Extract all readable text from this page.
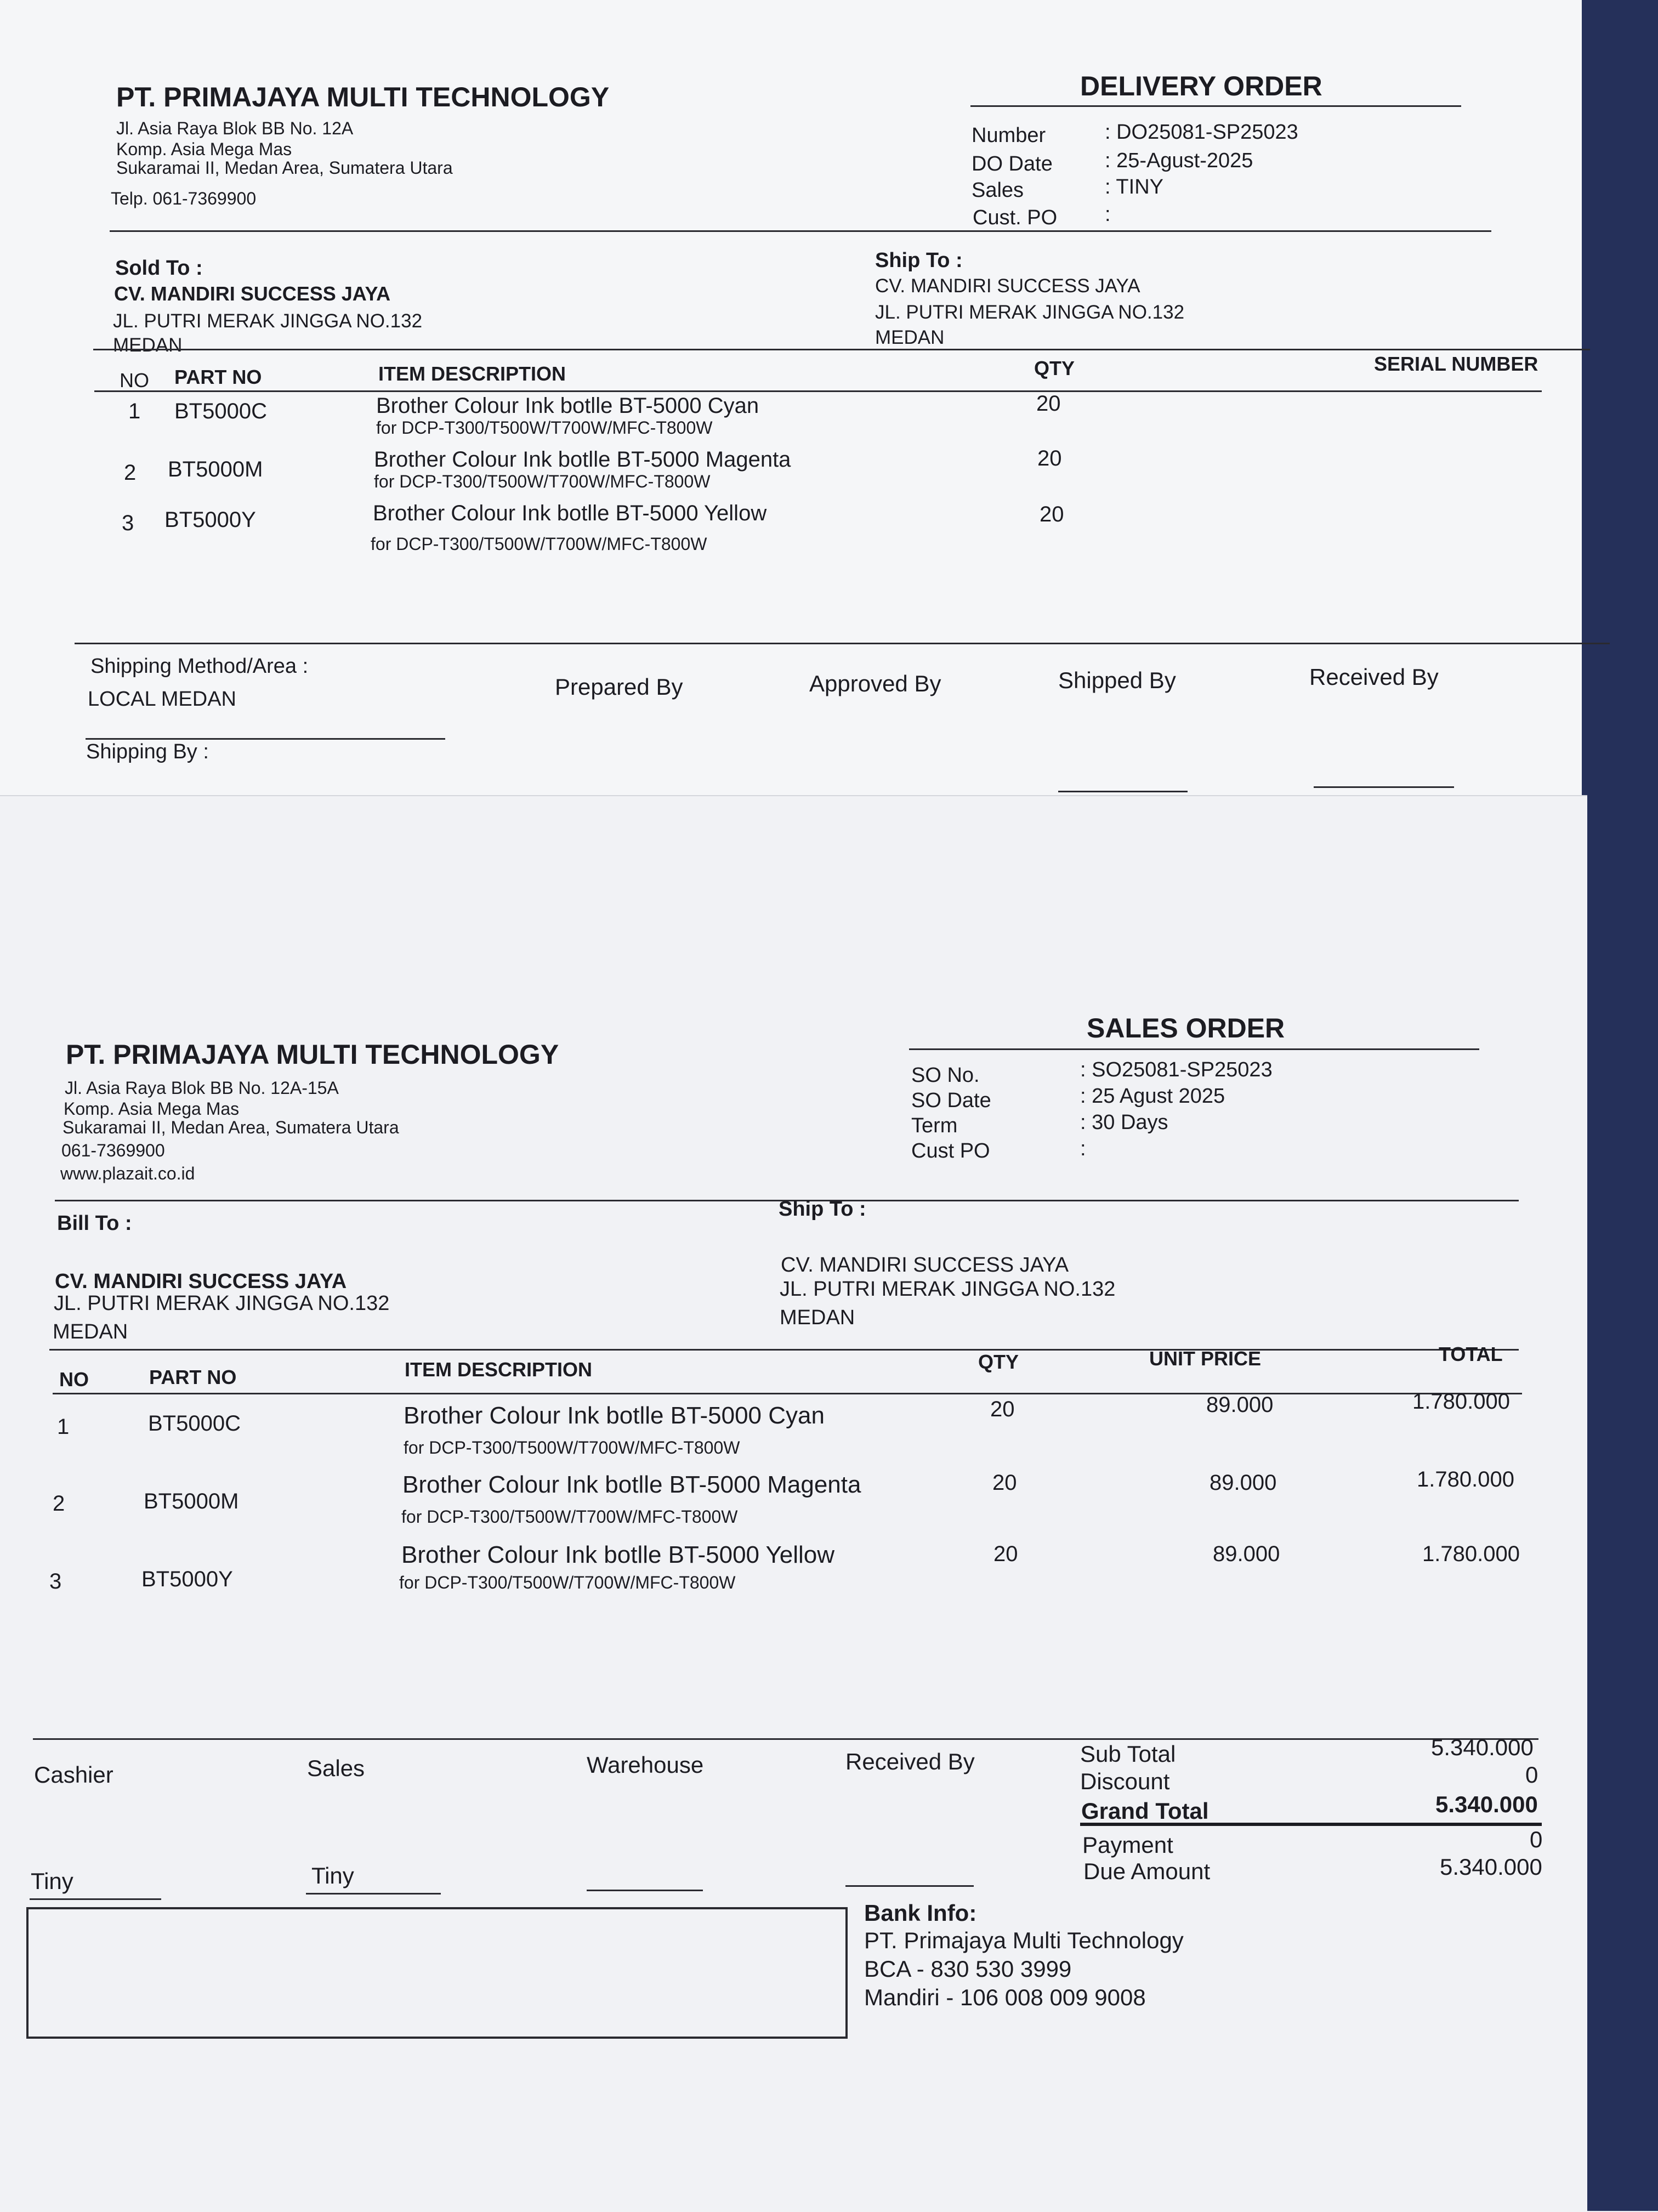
PT. PRIMAJAYA MULTI TECHNOLOGY
Jl. Asia Raya Blok BB No. 12A
Komp. Asia Mega Mas
Sukaramai II, Medan Area, Sumatera Utara
Telp. 061-7369900
DELIVERY ORDER
Number	: DO25081-SP25023
DO Date	: 25-Agust-2025
Sales	: TINY
Cust. PO :
Sold To :
CV. MANDIRI SUCCESS JAYA
JL. PUTRI MERAK JINGGA NO.132
MEDAN
Ship To :
CV. MANDIRI SUCCESS JAYA
JL. PUTRI MERAK JINGGA NO.132
MEDAN
NO PART NO	ITEM DESCRIPTION	QTY	SERIAL NUMBER
1 BT5000C	Brother Colour Ink botlle BT-5000 Cyan
for DCP-T300/T500W/T700W/MFC-T800W
20
2 BT5000M	Brother Colour Ink botlle BT-5000 Magenta
for DCP-T300/T500W/T700W/MFC-T800W
20
3 BT5000Y	Brother Colour Ink botlle BT-5000 Yellow
for DCP-T300/T500W/T700W/MFC-T800W
20
Shipping Method/Area :
LOCAL MEDAN
Shipping By :
Prepared By	Approved By	Shipped By	Received By
PT. PRIMAJAYA MULTI TECHNOLOGY
Jl. Asia Raya Blok BB No. 12A-15A
Komp. Asia Mega Mas
Sukaramai II, Medan Area, Sumatera Utara
061-7369900
www.plazait.co.id
SALES ORDER
SO No.	: SO25081-SP25023
SO Date	: 25 Agust 2025
Term	: 30 Days
Cust PO	:
Bill To :
CV. MANDIRI SUCCESS JAYA
JL. PUTRI MERAK JINGGA NO.132
MEDAN
Ship To :
CV. MANDIRI SUCCESS JAYA
JL. PUTRI MERAK JINGGA NO.132
MEDAN
NO	PART NO	ITEM DESCRIPTION	QTY	UNIT PRICE	TOTAL
1	BT5000C	Brother Colour Ink botlle BT-5000 Cyan
for DCP-T300/T500W/T700W/MFC-T800W
20	89.000	1.780.000
2	BT5000M
Brother Colour Ink botlle BT-5000 Magenta
for DCP-T300/T500W/T700W/MFC-T800W
20	89.000	1.780.000
3	BT5000Y
Brother Colour Ink botlle BT-5000 Yellow
for DCP-T300/T500W/T700W/MFC-T800W
20	89.000	1.780.000
Cashier	Sales	Warehouse	Received By
Tiny	Tiny
Sub Total	5.340.000
Discount	0
Grand Total	5.340.000
Payment	0
Due Amount	5.340.000
Bank Info:
PT. Primajaya Multi Technology
BCA - 830 530 3999
Mandiri - 106 008 009 9008
